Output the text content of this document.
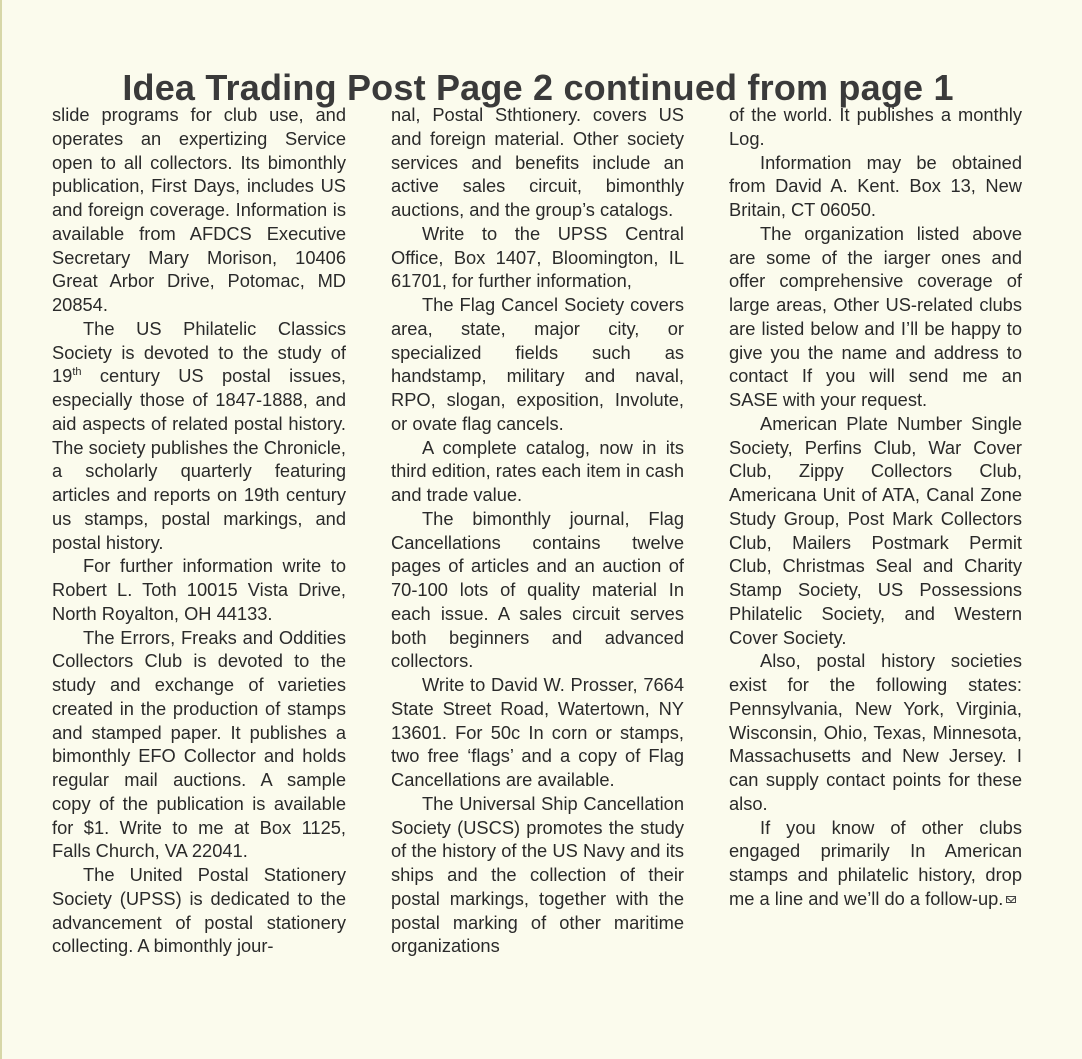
Idea Trading Post Page 2 continued from page 1

slide programs for club use, and operates an expertizing Service open to all collectors. Its bimonthly publication, First Days, includes US and foreign coverage. Information is available from AFDCS Executive Secretary Mary Morison, 10406 Great Arbor Drive, Potomac, MD 20854.

The US Philatelic Classics Society is devoted to the study of 19th century US postal issues, especially those of 1847-1888, and aid aspects of related postal history. The society publishes the Chronicle, a scholarly quarterly featuring articles and reports on 19th century us stamps, postal markings, and postal history.

For further information write to Robert L. Toth 10015 Vista Drive, North Royalton, OH 44133.

The Errors, Freaks and Oddities Collectors Club is devoted to the study and exchange of varieties created in the production of stamps and stamped paper. It publishes a bimonthly EFO Collector and holds regular mail auctions. A sample copy of the publication is available for $1. Write to me at Box 1125, Falls Church, VA 22041.

The United Postal Stationery Society (UPSS) is dedicated to the advancement of postal stationery collecting. A bimonthly jour-

nal, Postal Sthtionery. covers US and foreign material. Other society services and benefits include an active sales circuit, bimonthly auctions, and the group’s catalogs.

Write to the UPSS Central Office, Box 1407, Bloomington, IL 61701, for further information,

The Flag Cancel Society covers area, state, major city, or specialized fields such as handstamp, military and naval, RPO, slogan, exposition, Involute, or ovate flag cancels.

A complete catalog, now in its third edition, rates each item in cash and trade value.

The bimonthly journal, Flag Cancellations contains twelve pages of articles and an auction of 70-100 lots of quality material In each issue. A sales circuit serves both beginners and advanced collectors.

Write to David W. Prosser, 7664 State Street Road, Watertown, NY 13601. For 50c In corn or stamps, two free ‘flags’ and a copy of Flag Cancellations are available.

The Universal Ship Cancellation Society (USCS) promotes the study of the history of the US Navy and its ships and the collection of their postal markings, together with the postal marking of other maritime organizations

of the world. It publishes a monthly Log.

Information may be obtained from David A. Kent. Box 13, New Britain, CT 06050.

The organization listed above are some of the iarger ones and offer comprehensive coverage of large areas, Other US-related clubs are listed below and I’ll be happy to give you the name and address to contact If you will send me an SASE with your request.

American Plate Number Single Society, Perfins Club, War Cover Club, Zippy Collectors Club, Americana Unit of ATA, Canal Zone Study Group, Post Mark Collectors Club, Mailers Postmark Permit Club, Christmas Seal and Charity Stamp Society, US Possessions Philatelic Society, and Western Cover Society.

Also, postal history societies exist for the following states: Pennsylvania, New York, Virginia, Wisconsin, Ohio, Texas, Minnesota, Massachusetts and New Jersey. I can supply contact points for these also.

If you know of other clubs engaged primarily In American stamps and philatelic history, drop me a line and we’ll do a follow-up.
